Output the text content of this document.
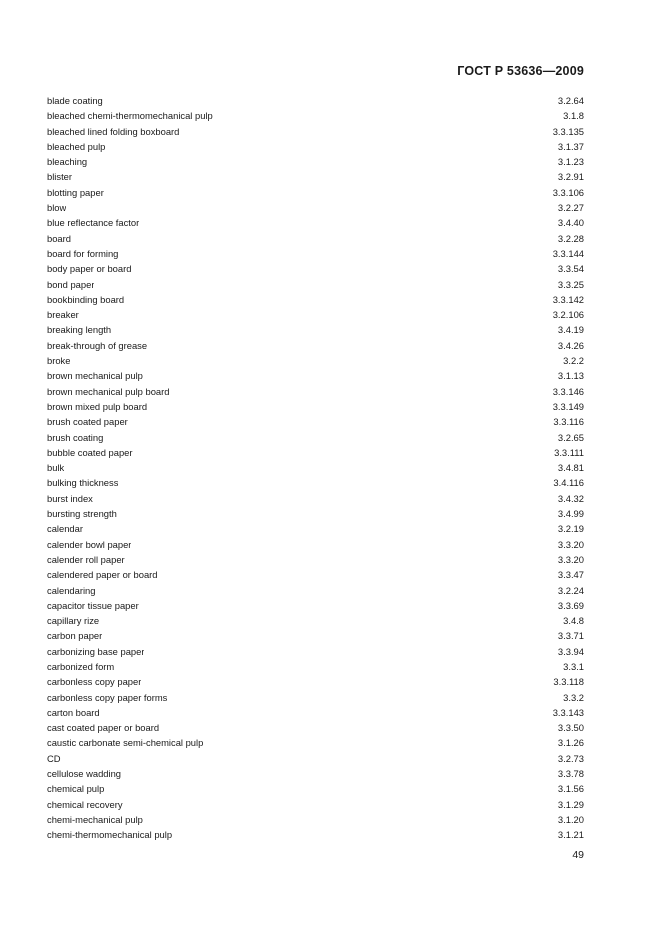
ГОСТ Р 53636—2009
blade coating	3.2.64
bleached chemi-thermomechanical pulp	3.1.8
bleached lined folding boxboard	3.3.135
bleached pulp	3.1.37
bleaching	3.1.23
blister	3.2.91
blotting paper	3.3.106
blow	3.2.27
blue reflectance factor	3.4.40
board	3.2.28
board for forming	3.3.144
body paper or board	3.3.54
bond paper	3.3.25
bookbinding board	3.3.142
breaker	3.2.106
breaking length	3.4.19
break-through of grease	3.4.26
broke	3.2.2
brown mechanical pulp	3.1.13
brown mechanical pulp board	3.3.146
brown mixed pulp board	3.3.149
brush coated paper	3.3.116
brush coating	3.2.65
bubble coated paper	3.3.111
bulk	3.4.81
bulking thickness	3.4.116
burst index	3.4.32
bursting strength	3.4.99
calendar	3.2.19
calender bowl paper	3.3.20
calender roll paper	3.3.20
calendered paper or board	3.3.47
calendaring	3.2.24
capacitor tissue paper	3.3.69
capillary rize	3.4.8
carbon paper	3.3.71
carbonizing base paper	3.3.94
carbonized form	3.3.1
carbonless copy paper	3.3.118
carbonless copy paper forms	3.3.2
carton board	3.3.143
cast coated paper or board	3.3.50
caustic carbonate semi-chemical pulp	3.1.26
CD	3.2.73
cellulose wadding	3.3.78
chemical pulp	3.1.56
chemical recovery	3.1.29
chemi-mechanical pulp	3.1.20
chemi-thermomechanical pulp	3.1.21
49
